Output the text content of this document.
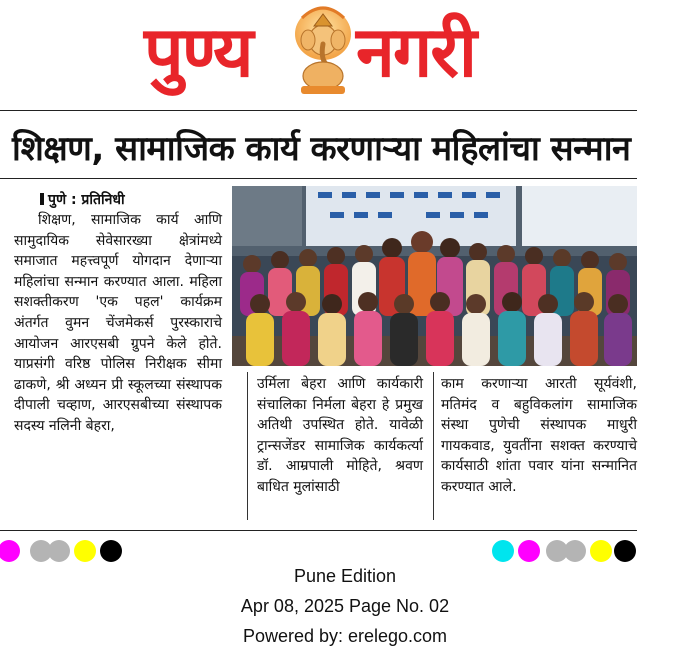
पुण्य नगरी
शिक्षण, सामाजिक कार्य करणाऱ्या महिलांचा सन्मान
पुणे : प्रतिनिधी

शिक्षण, सामाजिक कार्य आणि सामुदायिक सेवेसारख्या क्षेत्रांमध्ये समाजात महत्त्वपूर्ण योगदान देणाऱ्या महिलांचा सन्मान करण्यात आला. महिला सशक्तीकरण 'एक पहल' कार्यक्रम अंतर्गत वुमन चेंजमेकर्स पुरस्काराचे आयोजन आरएसबी ग्रुपने केले होते. याप्रसंगी वरिष्ठ पोलिस निरीक्षक सीमा ढाकणे, श्री अध्यन प्री स्कूलच्या संस्थापक दीपाली चव्हाण, आरएसबीच्या संस्थापक सदस्य नलिनी बेहरा,

उर्मिला बेहरा आणि कार्यकारी संचालिका निर्मला बेहरा हे प्रमुख अतिथी उपस्थित होते. यावेळी ट्रान्सजेंडर सामाजिक कार्यकर्त्या डॉ. आम्रपाली मोहिते, श्रवण बाधित मुलांसाठी

काम करणाऱ्या आरती सूर्यवंशी, मतिमंद व बहुविकलांग सामाजिक संस्था पुणेची संस्थापक माधुरी गायकवाड, युवतींना सशक्त करण्याचे कार्यसाठी शांता पवार यांना सन्मानित करण्यात आले.

Pune Edition
Apr 08, 2025 Page No. 02
Powered by: erelego.com
